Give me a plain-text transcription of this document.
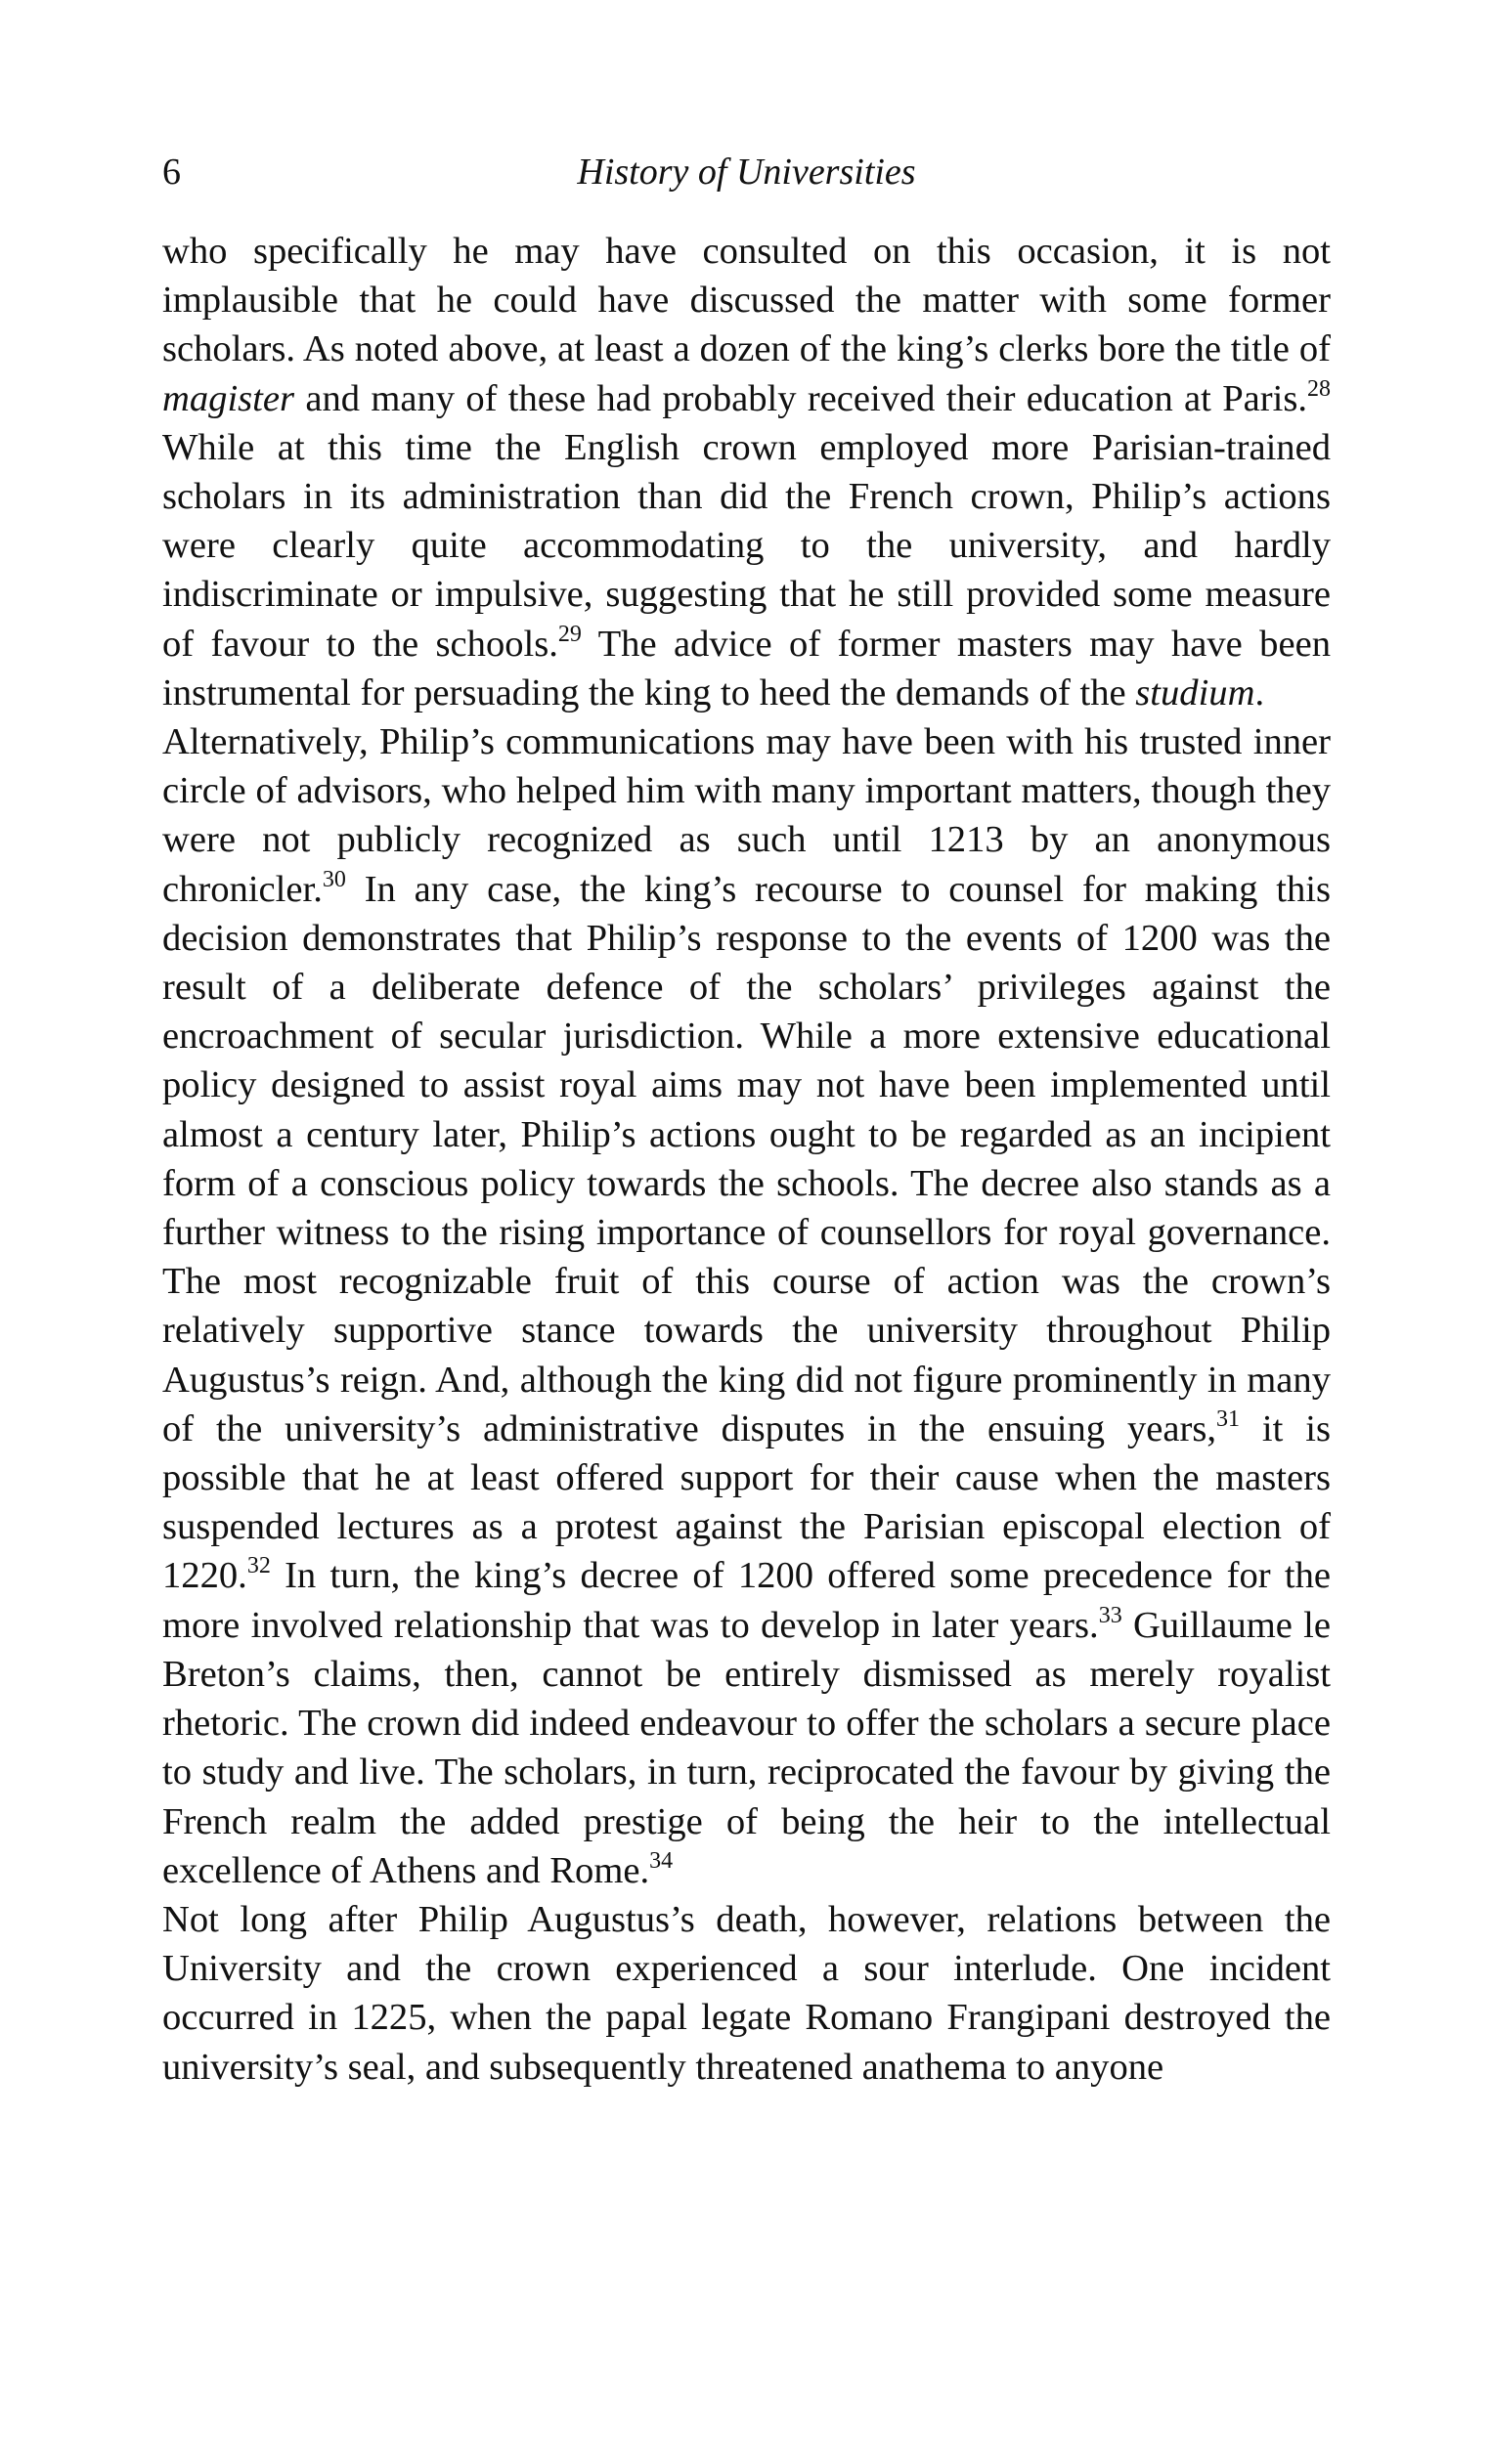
6	History of Universities

who specifically he may have consulted on this occasion, it is not implausible that he could have discussed the matter with some former scholars. As noted above, at least a dozen of the king’s clerks bore the title of magister and many of these had probably received their education at Paris.$^{28}$ While at this time the English crown employed more Parisian-trained scholars in its administration than did the French crown, Philip’s actions were clearly quite accommodating to the university, and hardly indiscriminate or impulsive, suggesting that he still provided some measure of favour to the schools.$^{29}$ The advice of former masters may have been instrumental for persuading the king to heed the demands of the studium.

Alternatively, Philip’s communications may have been with his trusted inner circle of advisors, who helped him with many important matters, though they were not publicly recognized as such until 1213 by an anonymous chronicler.$^{30}$ In any case, the king’s recourse to counsel for making this decision demonstrates that Philip’s response to the events of 1200 was the result of a deliberate defence of the scholars’ privileges against the encroachment of secular jurisdiction. While a more extensive educational policy designed to assist royal aims may not have been implemented until almost a century later, Philip’s actions ought to be regarded as an incipient form of a conscious policy towards the schools. The decree also stands as a further witness to the rising importance of counsellors for royal governance. The most recognizable fruit of this course of action was the crown’s relatively supportive stance towards the university throughout Philip Augustus’s reign. And, although the king did not figure prominently in many of the university’s administrative disputes in the ensuing years,$^{31}$ it is possible that he at least offered support for their cause when the masters suspended lectures as a protest against the Parisian episcopal election of 1220.32 In turn, the king’s decree of 1200 offered some precedence for the more involved relationship that was to develop in later years.$^{33}$ Guillaume le Breton’s claims, then, cannot be entirely dismissed as merely royalist rhetoric. The crown did indeed endeavour to offer the scholars a secure place to study and live. The scholars, in turn, reciprocated the favour by giving the French realm the added prestige of being the heir to the intellectual excellence of Athens and Rome.$^{34}$

Not long after Philip Augustus’s death, however, relations between the University and the crown experienced a sour interlude. One incident occurred in 1225, when the papal legate Romano Frangipani destroyed the university’s seal, and subsequently threatened anathema to anyone
